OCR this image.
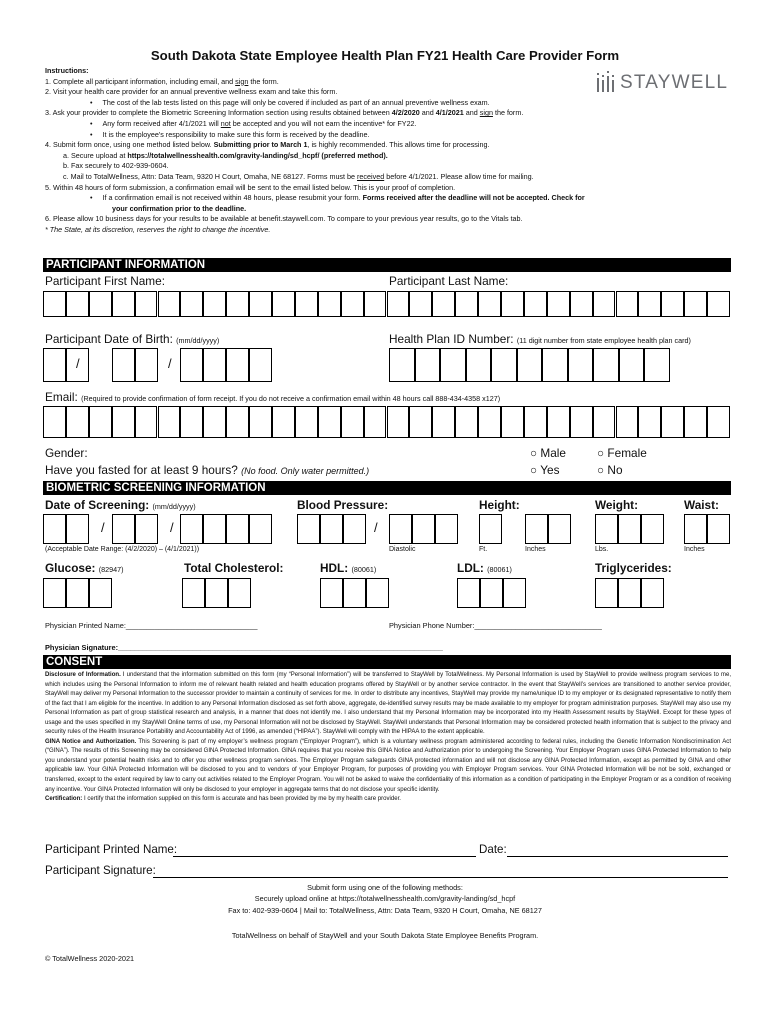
South Dakota State Employee Health Plan FY21 Health Care Provider Form
STAYWELL
Instructions:
1. Complete all participant information, including email, and sign the form.
2. Visit your health care provider for an annual preventive wellness exam and take this form.
•     The cost of the lab tests listed on this page will only be covered if included as part of an annual preventive wellness exam.
3. Ask your provider to complete the Biometric Screening Information section using results obtained between 4/2/2020 and 4/1/2021 and sign the form.
•     Any form received after 4/1/2021 will not be accepted and you will not earn the incentive* for FY22.
•     It is the employee's responsibility to make sure this form is received by the deadline.
4. Submit form once, using one method listed below. Submitting prior to March 1, is highly recommended. This allows time for processing.
a. Secure upload at https://totalwellnesshealth.com/gravity-landing/sd_hcpf/ (preferred method).
b. Fax securely to 402-939-0604.
c. Mail to TotalWellness, Attn: Data Team, 9320 H Court, Omaha, NE 68127. Forms must be received before 4/1/2021. Please allow time for mailing.
5. Within 48 hours of form submission, a confirmation email will be sent to the email listed below. This is your proof of completion.
•     If a confirmation email is not received within 48 hours, please resubmit your form. Forms received after the deadline will not be accepted. Check for
your confirmation prior to the deadline.
6. Please allow 10 business days for your results to be available at benefit.staywell.com. To compare to your previous year results, go to the Vitals tab.
* The State, at its discretion, reserves the right to change the incentive.
PARTICIPANT INFORMATION
Participant First Name:	Participant Last Name:
Participant Date of Birth: (mm/dd/yyyy)	Health Plan ID Number: (11 digit number from state employee health plan card)
/	/
Email: (Required to provide confirmation of form receipt. If you do not receive a confirmation email within 48 hours call 888-434-4358 x127)
Gender:	○ Male	○ Female
Have you fasted for at least 9 hours? (No food. Only water permitted.)	○ Yes	○ No
BIOMETRIC SCREENING INFORMATION
Date of Screening: (mm/dd/yyyy)	Blood Pressure:	Height:	Weight:	Waist:
/	/	/
(Acceptable Date Range: (4/2/2020) – (4/1/2021))	Diastolic	Ft.	Inches	Lbs.	Inches
Glucose: (82947)	Total Cholesterol:	HDL: (80061)	LDL: (80061)	Triglycerides:
Physician Printed Name:________________________________	Physician Phone Number:_______________________________
Physician Signature:_______________________________________________________________________________
CONSENT
Disclosure of Information. I understand that the information submitted on this form (my “Personal Information”) will be transferred to StayWell by TotalWellness. My Personal Information is used by StayWell to provide wellness program services to me, which includes using the Personal Information to inform me of relevant health related and health education programs offered by StayWell or by another service contractor. In the event that StayWell’s services are transitioned to another service provider, StayWell may deliver my Personal Information to the successor provider to maintain a continuity of services for me. In order to distribute any incentives, StayWell may provide my name/unique ID to my employer or its designated representative to notify them of the fact that I am eligible for the incentive. In addition to any Personal Information disclosed as set forth above, aggregate, de-identified survey results may be made available to my employer for program administration purposes. StayWell may also use my Personal Information as part of group statistical research and analysis, in a manner that does not identify me. I also understand that my Personal Information may be incorporated into my Health Assessment results by StayWell. Except for these types of usage and the uses specified in my StayWell Online terms of use, my Personal Information will not be disclosed by StayWell. StayWell understands that Personal Information may be considered protected health information that is subject to the privacy and security rules of the Health Insurance Portability and Accountability Act of 1996, as amended (“HIPAA”). StayWell will comply with the HIPAA to the extent applicable.
GINA Notice and Authorization. This Screening is part of my employer’s wellness program (“Employer Program”), which is a voluntary wellness program administered according to federal rules, including the Genetic Information Nondiscrimination Act (“GINA”). The results of this Screening may be considered GINA Protected Information. GINA requires that you receive this GINA Notice and Authorization prior to undergoing the Screening. Your Employer Program uses GINA Protected Information to help you understand your potential health risks and to offer you other wellness program services. The Employer Program safeguards GINA protected information and will not disclose any GINA Protected Information, except as permitted by GINA and other applicable law. Your GINA Protected Information will be disclosed to you and to vendors of your Employer Program, for purposes of providing you with Employer Program services. Your GINA Protected Information will be not be sold, exchanged or transferred, except to the extent required by law to carry out activities related to the Employer Program. You will not be asked to waive the confidentiality of this information as a condition of participating in the Employer Program or as a condition of receiving any incentive. Your GINA Protected Information will only be disclosed to your employer in aggregate terms that do not disclose your specific identity.
Certification: I certify that the information supplied on this form is accurate and has been provided by me by my health care provider.
Participant Printed Name:	Date:
Participant Signature:
Submit form using one of the following methods:
Securely upload online at https://totalwellnesshealth.com/gravity-landing/sd_hcpf
Fax to: 402-939-0604 | Mail to: TotalWellness, Attn: Data Team, 9320 H Court, Omaha, NE 68127
TotalWellness on behalf of StayWell and your South Dakota State Employee Benefits Program.
© TotalWellness 2020-2021
